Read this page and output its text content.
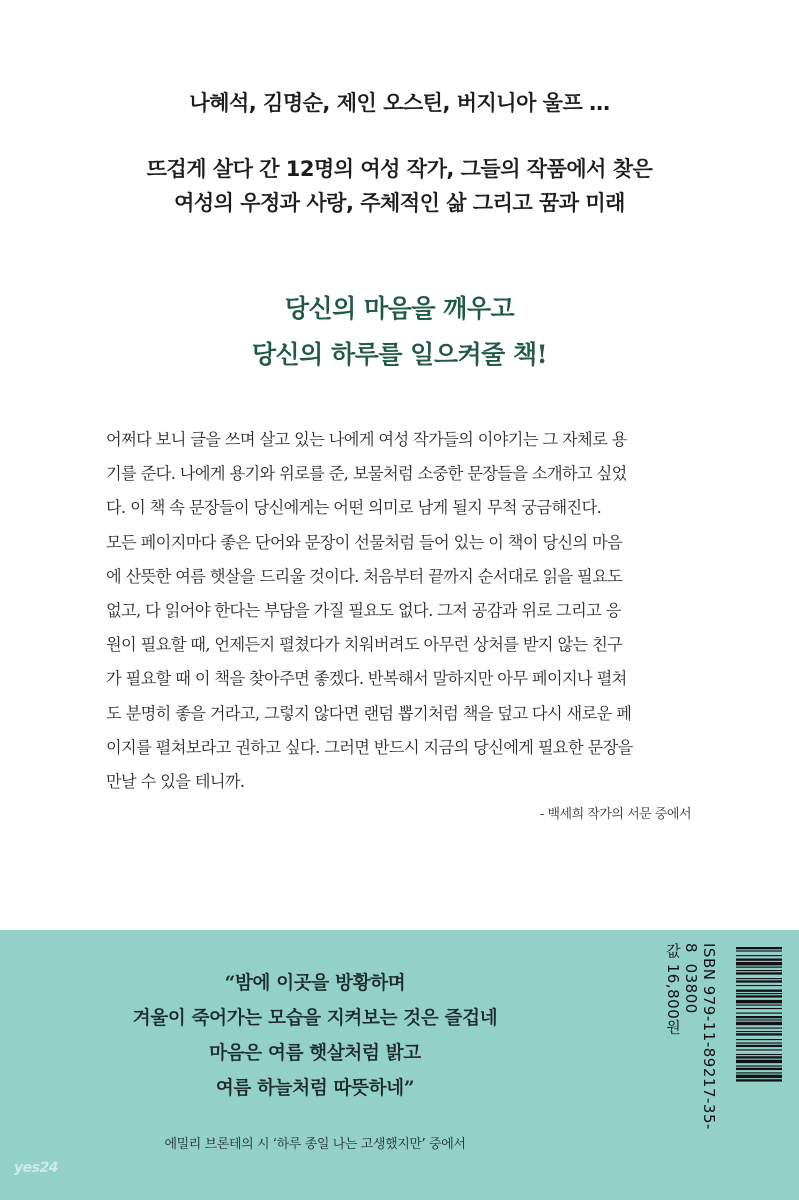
나혜석, 김명순, 제인 오스틴, 버지니아 울프 …
뜨겁게 살다 간 12명의 여성 작가, 그들의 작품에서 찾은
여성의 우정과 사랑, 주체적인 삶 그리고 꿈과 미래
당신의 마음을 깨우고
당신의 하루를 일으켜줄 책!
어쩌다 보니 글을 쓰며 살고 있는 나에게 여성 작가들의 이야기는 그 자체로 용
기를 준다. 나에게 용기와 위로를 준, 보물처럼 소중한 문장들을 소개하고 싶었
다. 이 책 속 문장들이 당신에게는 어떤 의미로 남게 될지 무척 궁금해진다.
모든 페이지마다 좋은 단어와 문장이 선물처럼 들어 있는 이 책이 당신의 마음
에 산뜻한 여름 햇살을 드리울 것이다. 처음부터 끝까지 순서대로 읽을 필요도
없고, 다 읽어야 한다는 부담을 가질 필요도 없다. 그저 공감과 위로 그리고 응
원이 필요할 때, 언제든지 펼쳤다가 치워버려도 아무런 상처를 받지 않는 친구
가 필요할 때 이 책을 찾아주면 좋겠다. 반복해서 말하지만 아무 페이지나 펼쳐
도 분명히 좋을 거라고, 그렇지 않다면 랜덤 뽑기처럼 책을 덮고 다시 새로운 페
이지를 펼쳐보라고 권하고 싶다. 그러면 반드시 지금의 당신에게 필요한 문장을
만날 수 있을 테니까.
- 백세희 작가의 서문 중에서
“밤에 이곳을 방황하며
겨울이 죽어가는 모습을 지켜보는 것은 즐겁네
마음은 여름 햇살처럼 밝고
여름 하늘처럼 따뜻하네”
에밀리 브론테의 시 ‘하루 종일 나는 고생했지만’ 중에서
ISBN 979-11-89217-35-8  03800
값 16,800원
yes24
